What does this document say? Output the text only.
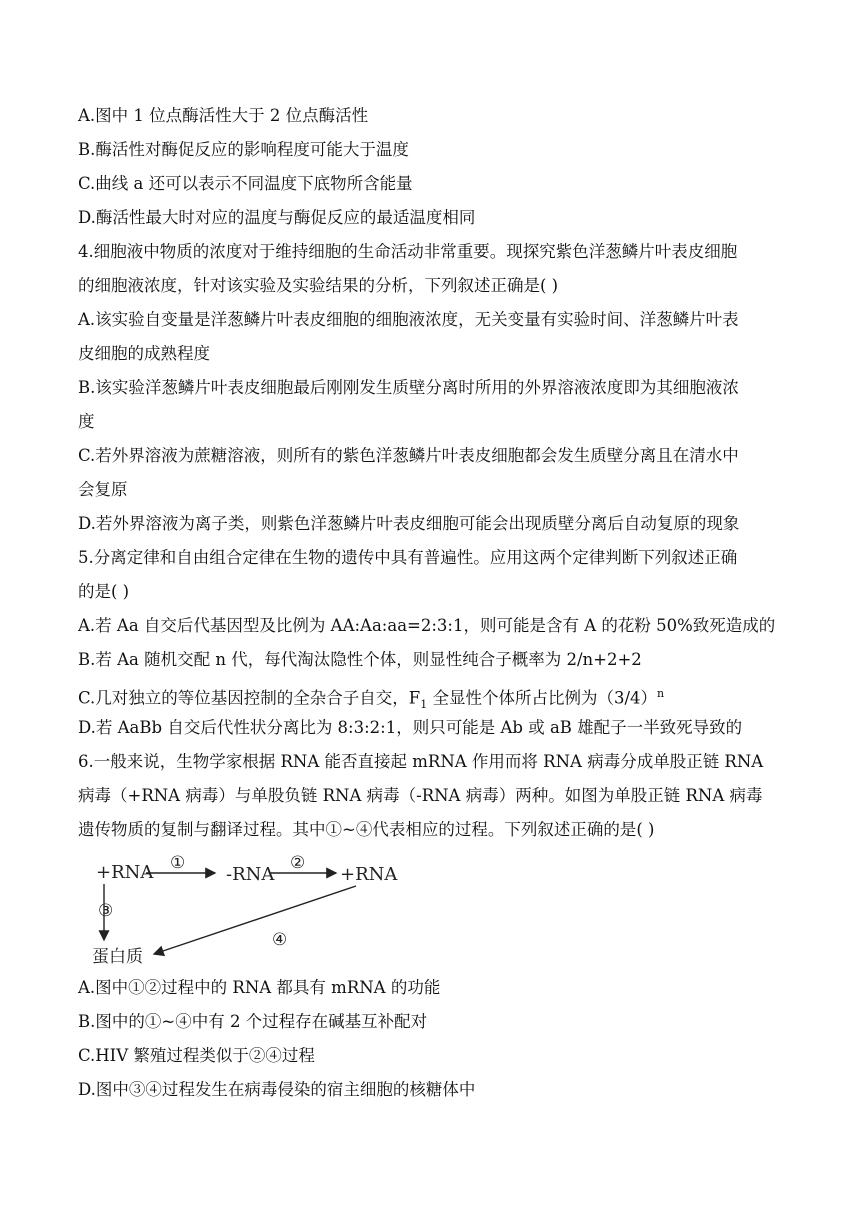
A.图中 1 位点酶活性大于 2 位点酶活性
B.酶活性对酶促反应的影响程度可能大于温度
C.曲线 a 还可以表示不同温度下底物所含能量
D.酶活性最大时对应的温度与酶促反应的最适温度相同
4.细胞液中物质的浓度对于维持细胞的生命活动非常重要。现探究紫色洋葱鳞片叶表皮细胞
的细胞液浓度，针对该实验及实验结果的分析，下列叙述正确是( )
A.该实验自变量是洋葱鳞片叶表皮细胞的细胞液浓度，无关变量有实验时间、洋葱鳞片叶表
皮细胞的成熟程度
B.该实验洋葱鳞片叶表皮细胞最后刚刚发生质壁分离时所用的外界溶液浓度即为其细胞液浓
度
C.若外界溶液为蔗糖溶液，则所有的紫色洋葱鳞片叶表皮细胞都会发生质壁分离且在清水中
会复原
D.若外界溶液为离子类，则紫色洋葱鳞片叶表皮细胞可能会出现质壁分离后自动复原的现象
5.分离定律和自由组合定律在生物的遗传中具有普遍性。应用这两个定律判断下列叙述正确
的是( )
A.若 Aa 自交后代基因型及比例为 AA:Aa:aa=2:3:1，则可能是含有 A 的花粉 50%致死造成的
B.若 Aa 随机交配 n 代，每代淘汰隐性个体，则显性纯合子概率为 2/n+2+2
C.几对独立的等位基因控制的全杂合子自交，$F_1$ 全显性个体所占比例为$(3/4)^n$
D.若 AaBb 自交后代性状分离比为 8:3:2:1，则只可能是 Ab 或 aB 雄配子一半致死导致的
6.一般来说，生物学家根据 RNA 能否直接起 mRNA 作用而将 RNA 病毒分成单股正链 RNA
病毒（+RNA 病毒）与单股负链 RNA 病毒（-RNA 病毒）两种。如图为单股正链 RNA 病毒
遗传物质的复制与翻译过程。其中①~④代表相应的过程。下列叙述正确的是( )
+RNA	-RNA	+RNA
蛋白质
①	②
③
④
A.图中①②过程中的 RNA 都具有 mRNA 的功能
B.图中的①~④中有 2 个过程存在碱基互补配对
C.HIV 繁殖过程类似于②④过程
D.图中③④过程发生在病毒侵染的宿主细胞的核糖体中
